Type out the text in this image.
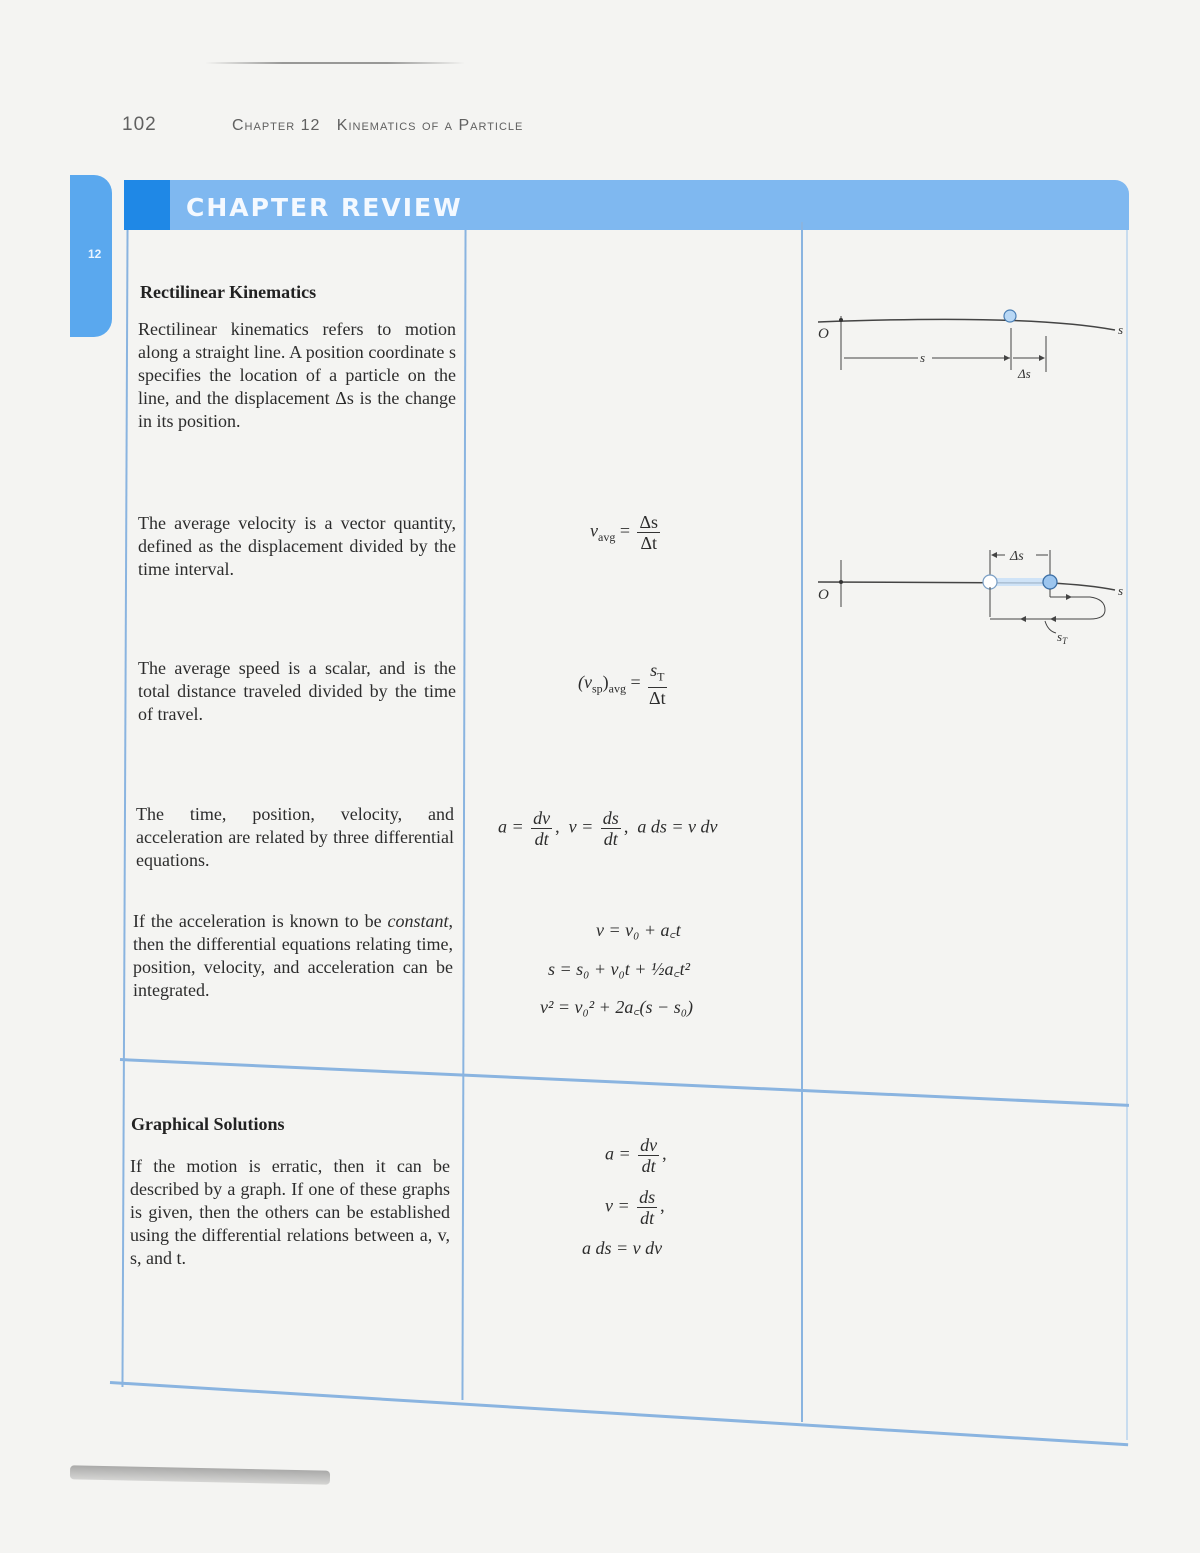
102	Chapter 12 Kinematics of a Particle
12
CHAPTER REVIEW
Rectilinear Kinematics
Rectilinear kinematics refers to motion along a straight line. A position coordinate s specifies the location of a particle on the line, and the displacement Δs is the change in its position.
O	s
s
Δs
The average velocity is a vector quantity, defined as the displacement divided by the time interval.
$v_{avg} = \frac{\Delta s}{\Delta t}$
Δs
$s_T$
O	s
The average speed is a scalar, and is the total distance traveled divided by the time of travel.
$(v_{sp})_{avg} = \frac{s_T}{\Delta t}$
The time, position, velocity, and acceleration are related by three differential equations.
$a = \frac{dv}{dt}$ ,  $v = \frac{ds}{dt}$ ,  a ds = v dv
If the acceleration is known to be constant, then the differential equations relating time, position, velocity, and acceleration can be integrated.
v = v₀ + a꜀t
s = s₀ + v₀t + ½a꜀t²
v² = v₀² + 2a꜀(s − s₀)
Graphical Solutions
If the motion is erratic, then it can be described by a graph. If one of these graphs is given, then the others can be established using the differential relations between a, v, s, and t.
$a = \frac{dv}{dt}$ ,
$v = \frac{ds}{dt}$ ,
a ds = v dv
